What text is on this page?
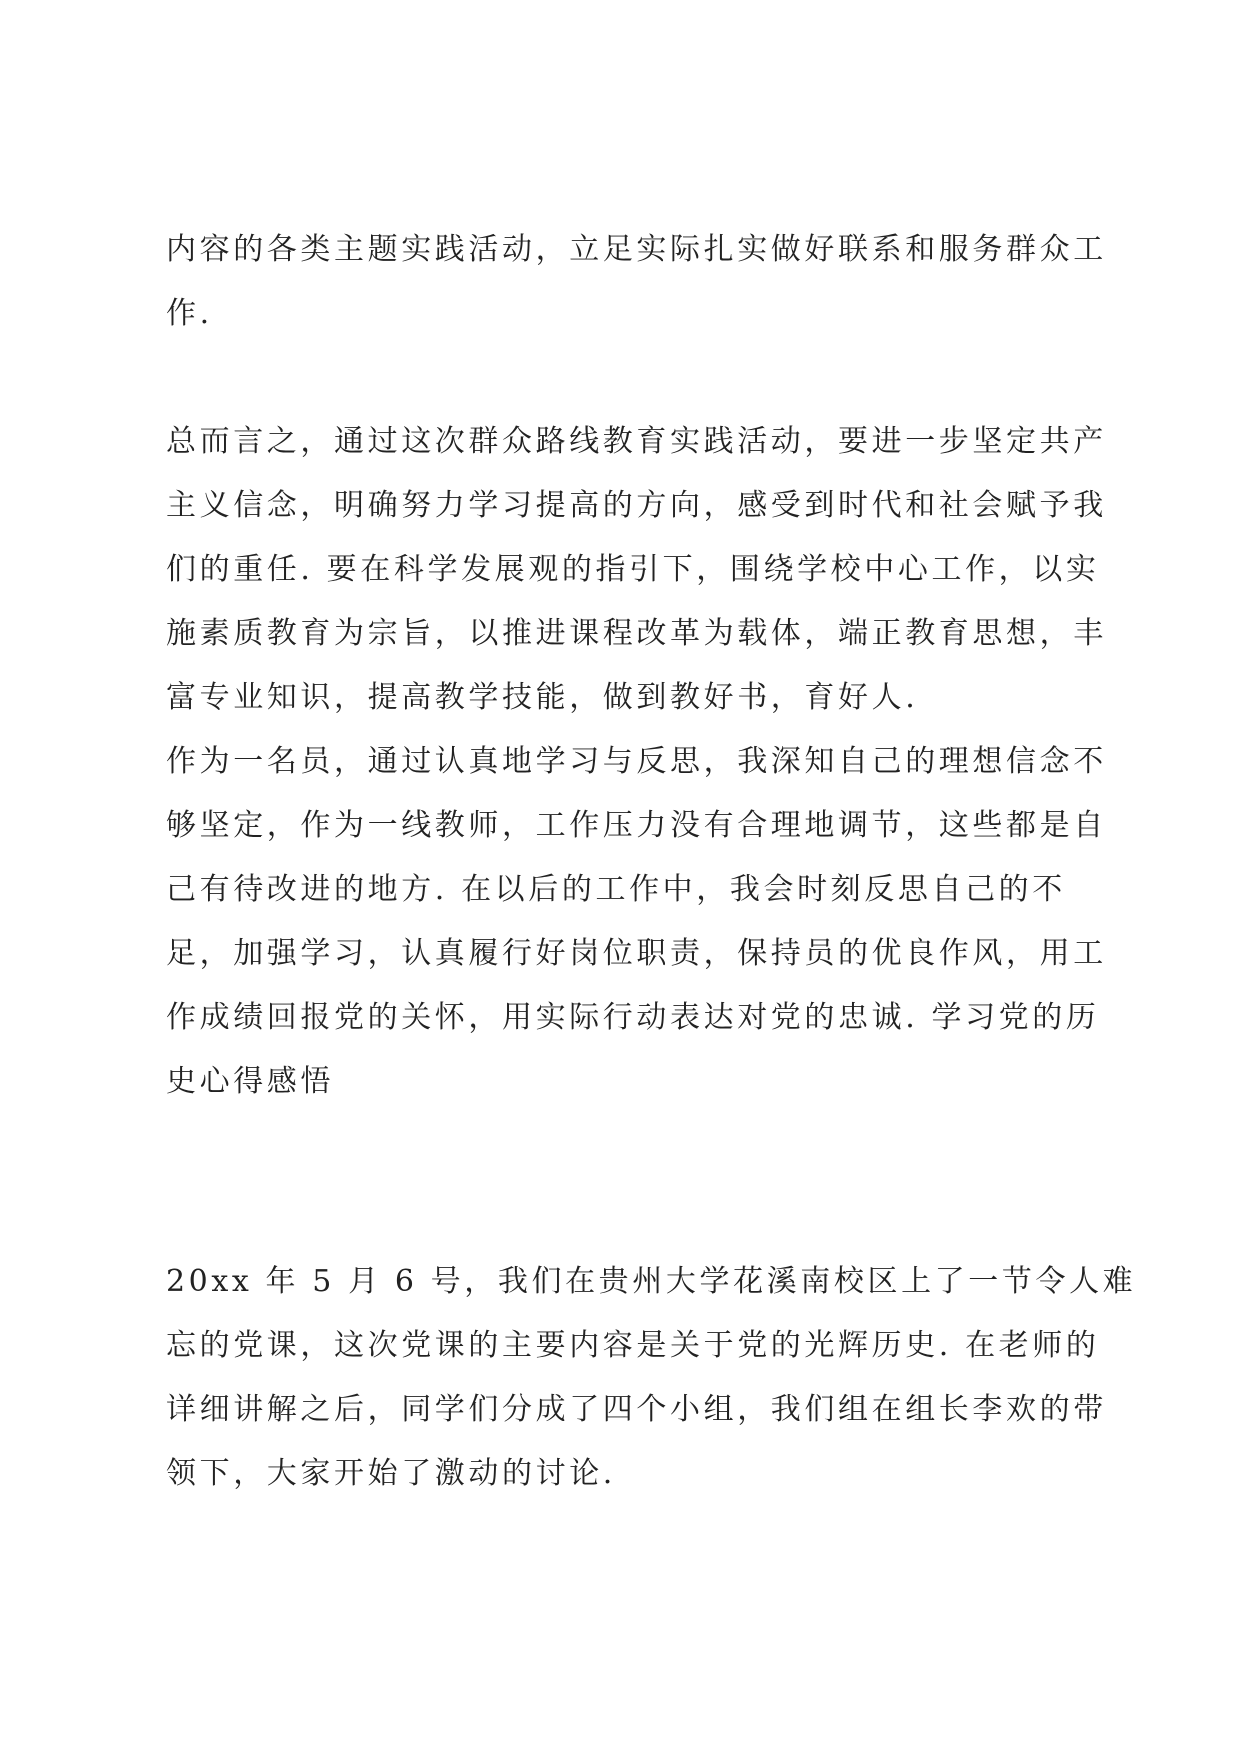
内容的各类主题实践活动，立足实际扎实做好联系和服务群众工
作.
总而言之，通过这次群众路线教育实践活动，要进一步坚定共产
主义信念，明确努力学习提高的方向，感受到时代和社会赋予我
们的重任. 要在科学发展观的指引下，围绕学校中心工作，以实
施素质教育为宗旨，以推进课程改革为载体，端正教育思想，丰
富专业知识，提高教学技能，做到教好书，育好人.
作为一名员，通过认真地学习与反思，我深知自己的理想信念不
够坚定，作为一线教师，工作压力没有合理地调节，这些都是自
己有待改进的地方. 在以后的工作中，我会时刻反思自己的不
足，加强学习，认真履行好岗位职责，保持员的优良作风，用工
作成绩回报党的关怀，用实际行动表达对党的忠诚. 学习党的历
史心得感悟
20xx 年 5 月 6 号，我们在贵州大学花溪南校区上了一节令人难
忘的党课，这次党课的主要内容是关于党的光辉历史. 在老师的
详细讲解之后，同学们分成了四个小组，我们组在组长李欢的带
领下，大家开始了激动的讨论.
